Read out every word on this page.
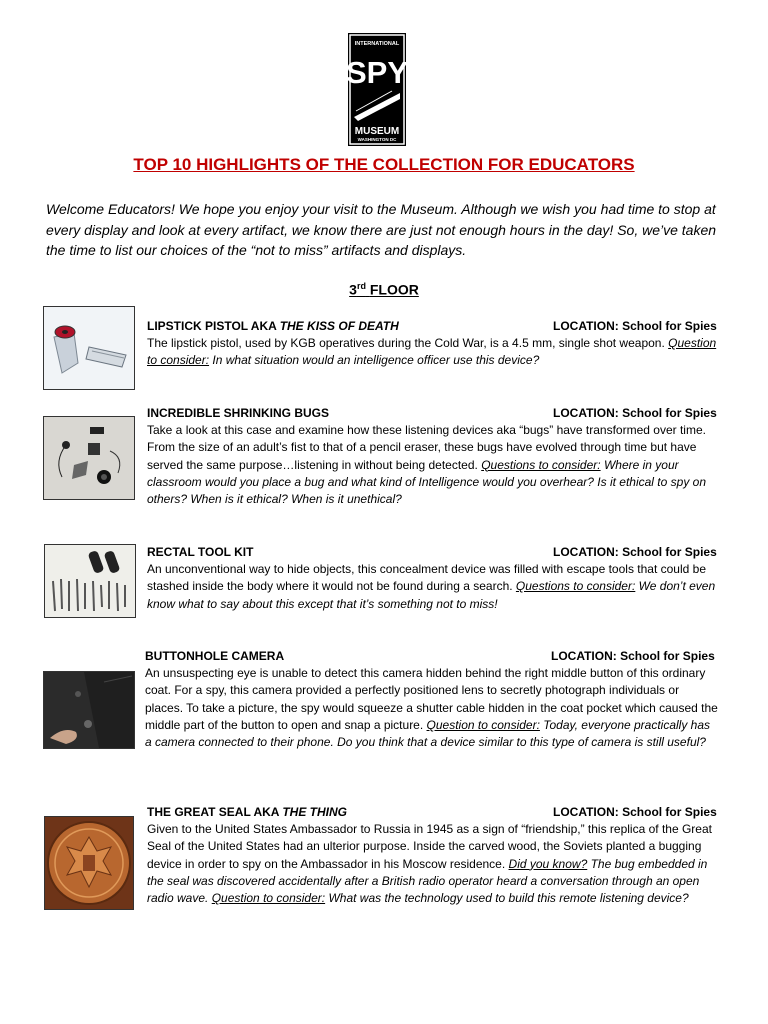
INTERNATIONAL
SPY
MUSEUM
WASHINGTON DC
TOP 10 HIGHLIGHTS OF THE COLLECTION FOR EDUCATORS
Welcome Educators! We hope you enjoy your visit to the Museum. Although we wish you had time to stop at every display and look at every artifact, we know there are just not enough hours in the day! So, we’ve taken the time to list our choices of the “not to miss” artifacts and displays.
3rd FLOOR
LIPSTICK PISTOL AKA THE KISS OF DEATH	LOCATION: School for Spies
The lipstick pistol, used by KGB operatives during the Cold War, is a 4.5 mm, single shot weapon. Question to consider: In what situation would an intelligence officer use this device?
INCREDIBLE SHRINKING BUGS	LOCATION: School for Spies
Take a look at this case and examine how these listening devices aka “bugs” have transformed over time. From the size of an adult’s fist to that of a pencil eraser, these bugs have evolved through time but have served the same purpose…listening in without being detected. Questions to consider: Where in your classroom would you place a bug and what kind of Intelligence would you overhear? Is it ethical to spy on others? When is it ethical? When is it unethical?
RECTAL TOOL KIT	LOCATION: School for Spies
An unconventional way to hide objects, this concealment device was filled with escape tools that could be stashed inside the body where it would not be found during a search. Questions to consider: We don’t even know what to say about this except that it’s something not to miss!
BUTTONHOLE CAMERA	LOCATION: School for Spies
An unsuspecting eye is unable to detect this camera hidden behind the right middle button of this ordinary coat. For a spy, this camera provided a perfectly positioned lens to secretly photograph individuals or places. To take a picture, the spy would squeeze a shutter cable hidden in the coat pocket which caused the middle part of the button to open and snap a picture. Question to consider: Today, everyone practically has a camera connected to their phone. Do you think that a device similar to this type of camera is still useful?
THE GREAT SEAL AKA THE THING	LOCATION: School for Spies
Given to the United States Ambassador to Russia in 1945 as a sign of “friendship,” this replica of the Great Seal of the United States had an ulterior purpose. Inside the carved wood, the Soviets planted a bugging device in order to spy on the Ambassador in his Moscow residence. Did you know? The bug embedded in the seal was discovered accidentally after a British radio operator heard a conversation through an open radio wave. Question to consider: What was the technology used to build this remote listening device?
